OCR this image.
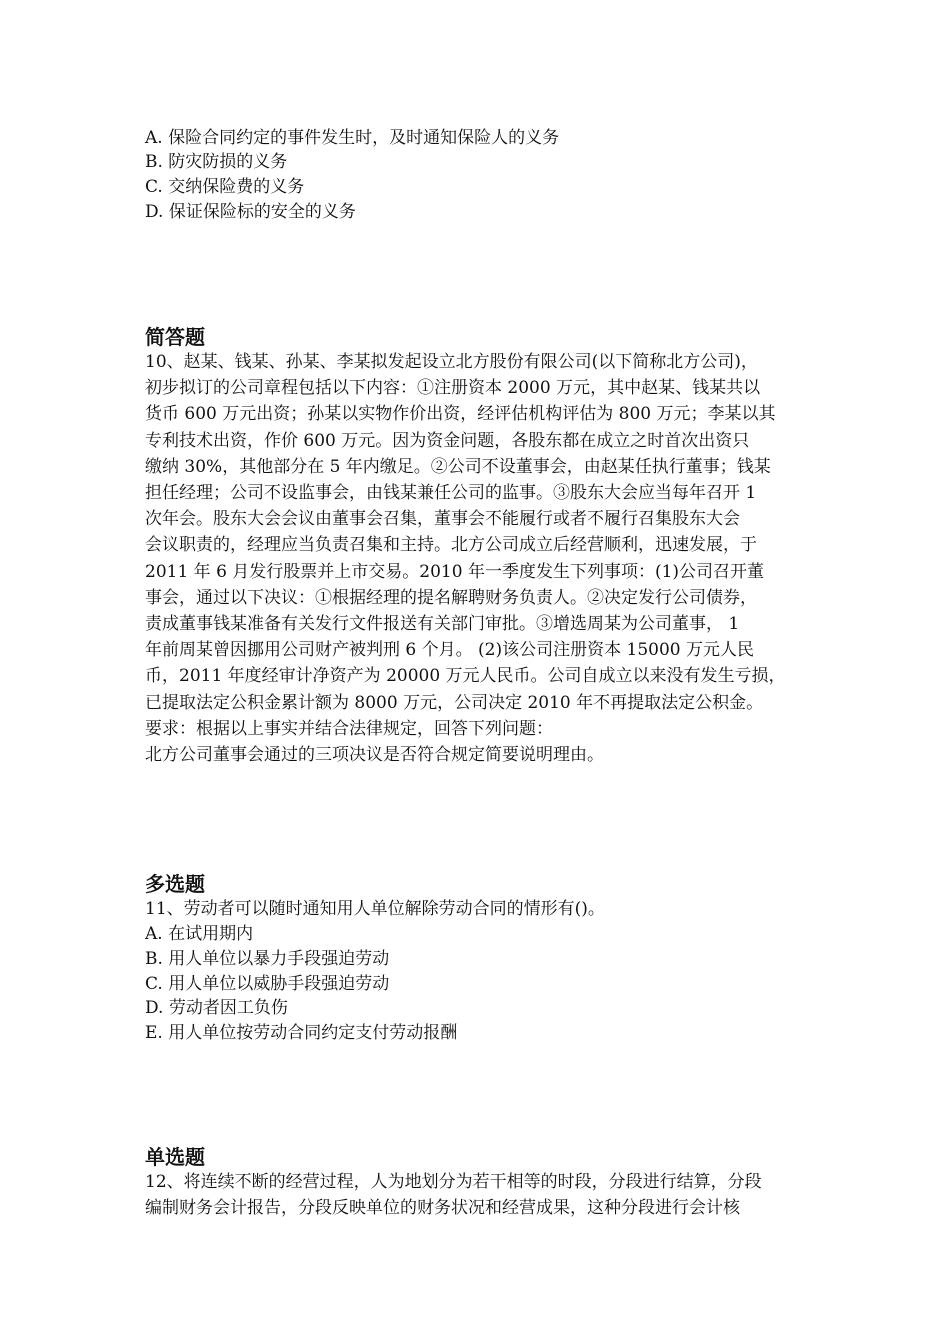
A. 保险合同约定的事件发生时，及时通知保险人的义务
B. 防灾防损的义务
C. 交纳保险费的义务
D. 保证保险标的安全的义务
简答题
10、赵某、钱某、孙某、李某拟发起设立北方股份有限公司(以下简称北方公司)，
初步拟订的公司章程包括以下内容：①注册资本 2000 万元，其中赵某、钱某共以
货币 600 万元出资；孙某以实物作价出资，经评估机构评估为 800 万元；李某以其
专利技术出资，作价 600 万元。因为资金问题，各股东都在成立之时首次出资只
缴纳 30%，其他部分在 5 年内缴足。②公司不设董事会，由赵某任执行董事；钱某
担任经理；公司不设监事会，由钱某兼任公司的监事。③股东大会应当每年召开 1
次年会。股东大会会议由董事会召集，董事会不能履行或者不履行召集股东大会
会议职责的，经理应当负责召集和主持。北方公司成立后经营顺利，迅速发展，于
2011 年 6 月发行股票并上市交易。2010 年一季度发生下列事项：(1)公司召开董
事会，通过以下决议：①根据经理的提名解聘财务负责人。②决定发行公司债券，
责成董事钱某准备有关发行文件报送有关部门审批。③增选周某为公司董事， 1
年前周某曾因挪用公司财产被判刑 6 个月。 (2)该公司注册资本 15000 万元人民
币，2011 年度经审计净资产为 20000 万元人民币。公司自成立以来没有发生亏损，
已提取法定公积金累计额为 8000 万元，公司决定 2010 年不再提取法定公积金。
要求：根据以上事实并结合法律规定，回答下列问题：
北方公司董事会通过的三项决议是否符合规定简要说明理由。
多选题
11、劳动者可以随时通知用人单位解除劳动合同的情形有()。
A. 在试用期内
B. 用人单位以暴力手段强迫劳动
C. 用人单位以威胁手段强迫劳动
D. 劳动者因工负伤
E. 用人单位按劳动合同约定支付劳动报酬
单选题
12、将连续不断的经营过程，人为地划分为若干相等的时段，分段进行结算，分段
编制财务会计报告，分段反映单位的财务状况和经营成果，这种分段进行会计核
